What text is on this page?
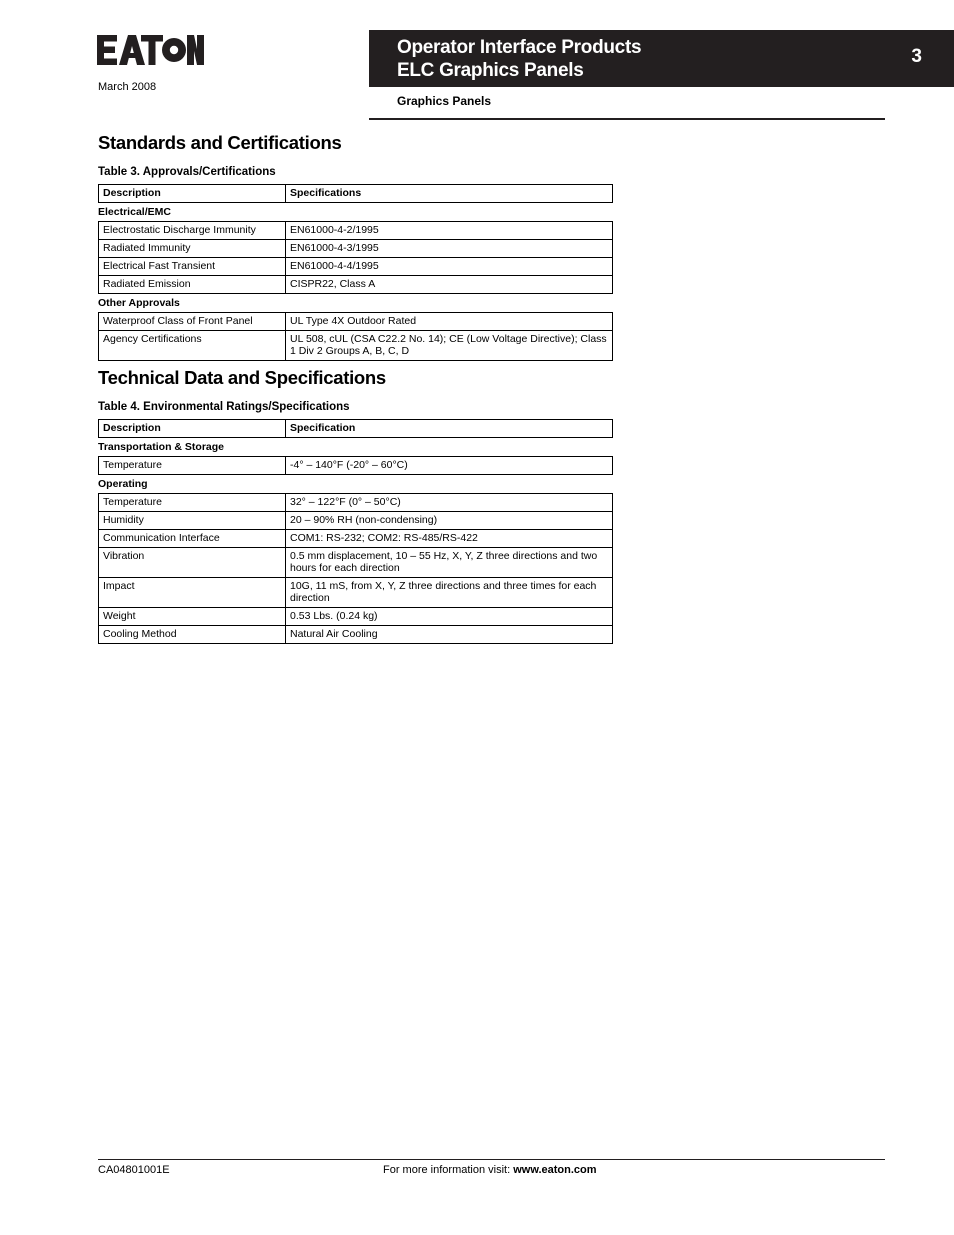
March 2008
Operator Interface Products
ELC Graphics Panels
3
Graphics Panels
Standards and Certifications
Table 3. Approvals/Certifications
Description	Specifications
Electrical/EMC
Electrostatic Discharge Immunity	EN61000-4-2/1995
Radiated Immunity	EN61000-4-3/1995
Electrical Fast Transient	EN61000-4-4/1995
Radiated Emission	CISPR22, Class A
Other Approvals
Waterproof Class of Front Panel	UL Type 4X Outdoor Rated
Agency Certifications	UL 508, cUL (CSA C22.2 No. 14); CE (Low Voltage Directive); Class 1 Div 2 Groups A, B, C, D
Technical Data and Specifications
Table 4. Environmental Ratings/Specifications
Description	Specification
Transportation & Storage
Temperature	-4° – 140°F (-20° – 60°C)
Operating
Temperature	32° – 122°F (0° – 50°C)
Humidity	20 – 90% RH (non-condensing)
Communication Interface	COM1: RS-232; COM2: RS-485/RS-422
Vibration	0.5 mm displacement, 10 – 55 Hz, X, Y, Z three directions and two hours for each direction
Impact	10G, 11 mS, from X, Y, Z three directions and three times for each direction
Weight	0.53 Lbs. (0.24 kg)
Cooling Method	Natural Air Cooling
CA04801001E	For more information visit: www.eaton.com
